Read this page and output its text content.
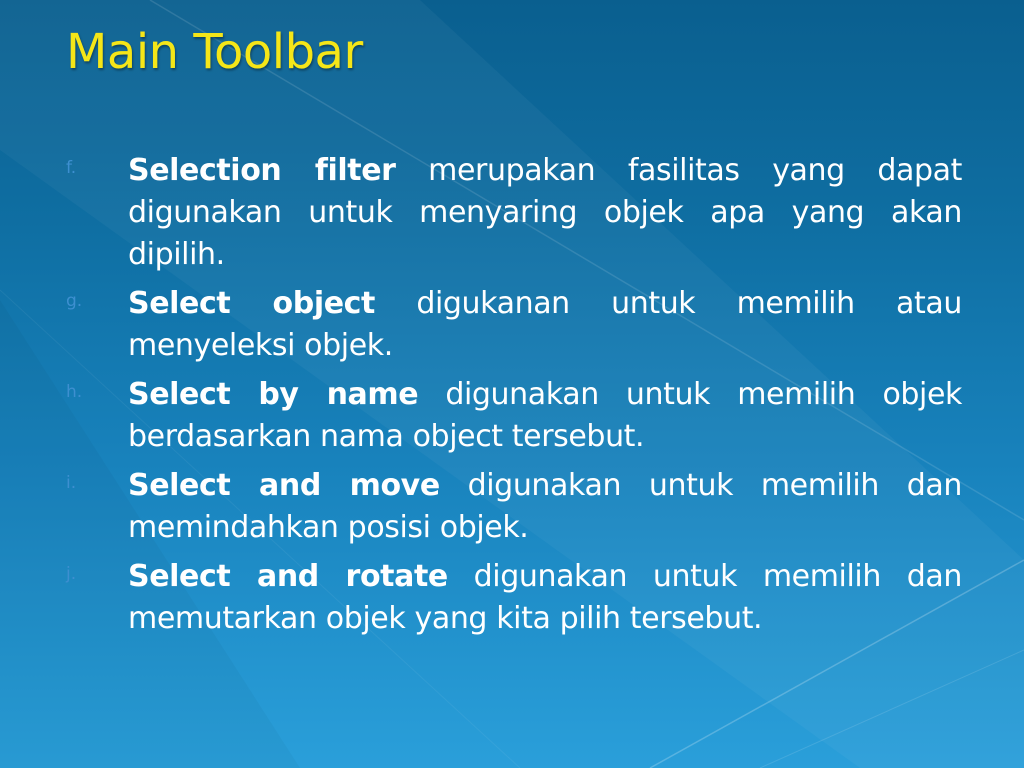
Main Toolbar
f. Selection filter merupakan fasilitas yang dapat digunakan untuk menyaring objek apa yang akan dipilih.
g. Select object digukanan untuk memilih atau menyeleksi objek.
h. Select by name digunakan untuk memilih objek berdasarkan nama object tersebut.
i. Select and move digunakan untuk memilih dan memindahkan posisi objek.
j. Select and rotate digunakan untuk memilih dan memutarkan objek yang kita pilih tersebut.
